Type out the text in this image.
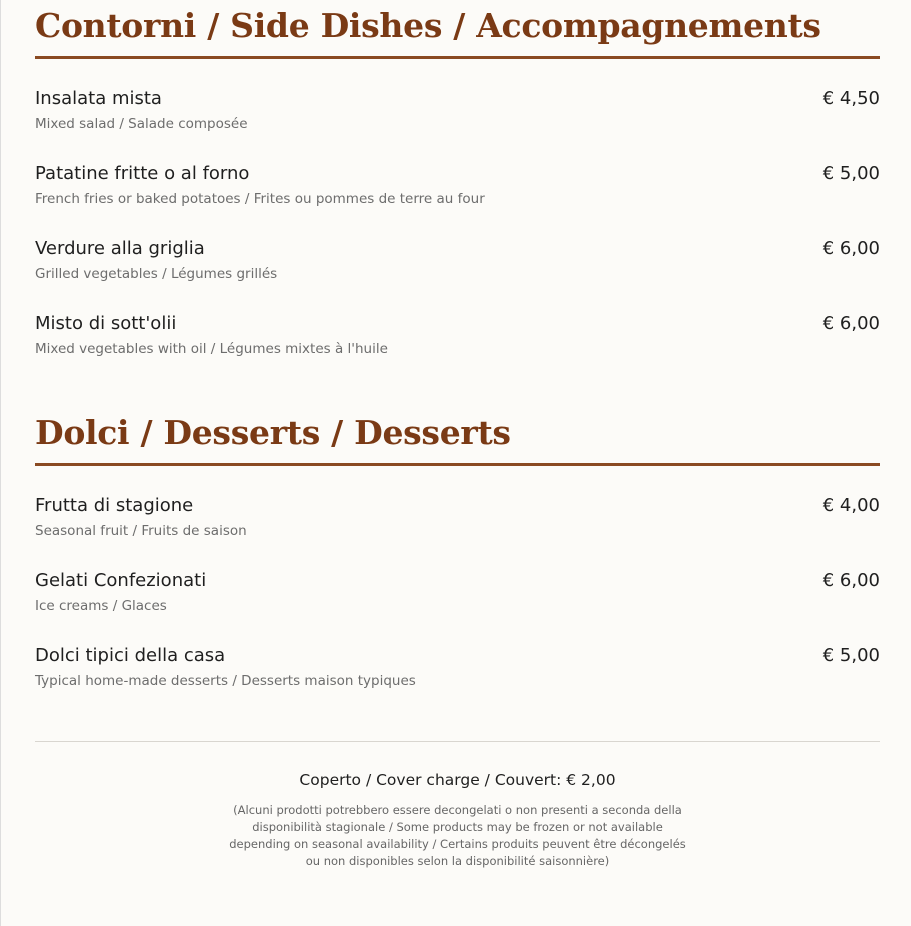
Contorni / Side Dishes / Accompagnements
Insalata mista
Mixed salad / Salade composée
€ 4,50
Patatine fritte o al forno
French fries or baked potatoes / Frites ou pommes de terre au four
€ 5,00
Verdure alla griglia
Grilled vegetables / Légumes grillés
€ 6,00
Misto di sott'olii
Mixed vegetables with oil / Légumes mixtes à l'huile
€ 6,00
Dolci / Desserts / Desserts
Frutta di stagione
Seasonal fruit / Fruits de saison
€ 4,00
Gelati Confezionati
Ice creams / Glaces
€ 6,00
Dolci tipici della casa
Typical home-made desserts / Desserts maison typiques
€ 5,00
Coperto / Cover charge / Couvert: € 2,00
(Alcuni prodotti potrebbero essere decongelati o non presenti a seconda della disponibilità stagionale / Some products may be frozen or not available depending on seasonal availability / Certains produits peuvent être décongelés ou non disponibles selon la disponibilité saisonnière)
